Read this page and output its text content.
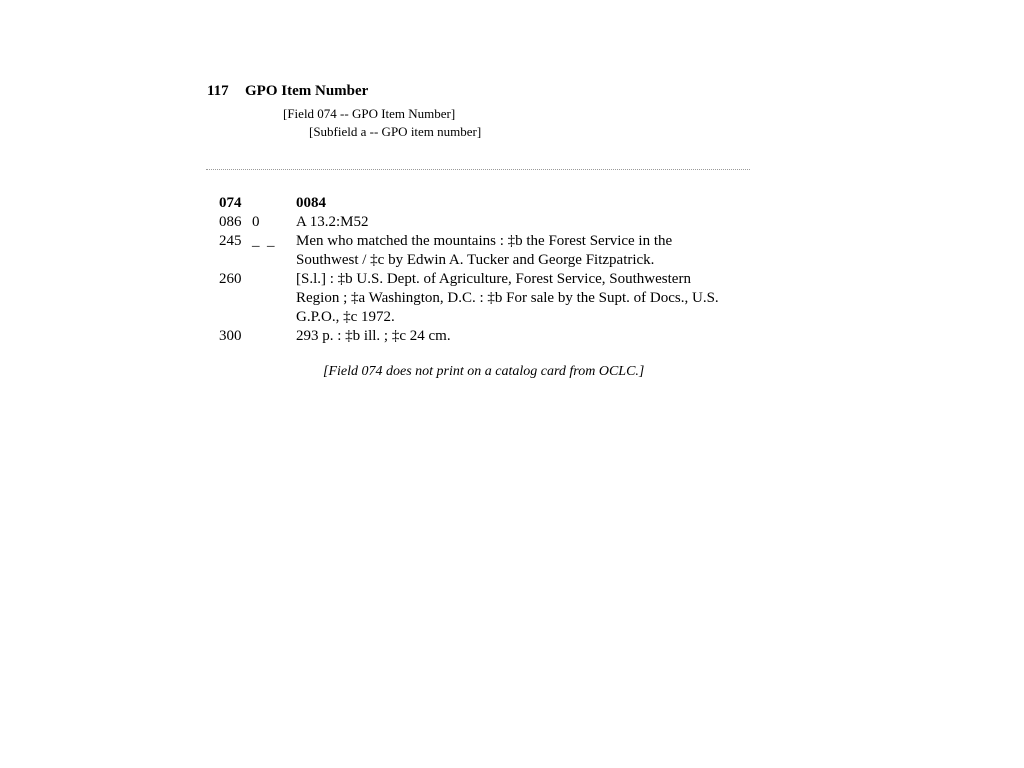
117 GPO Item Number
[Field 074 -- GPO Item Number]
[Subfield a -- GPO item number]
074	0084
086 0	A 13.2:M52
245 _  _	Men who matched the mountains : ‡b the Forest Service in the Southwest / ‡c by Edwin A. Tucker and George Fitzpatrick.
260	[S.l.] : ‡b U.S. Dept. of Agriculture, Forest Service, Southwestern Region ; ‡a Washington, D.C. : ‡b For sale by the Supt. of Docs., U.S. G.P.O., ‡c 1972.
300	293 p. : ‡b ill. ; ‡c 24 cm.
[Field 074 does not print on a catalog card from OCLC.]
